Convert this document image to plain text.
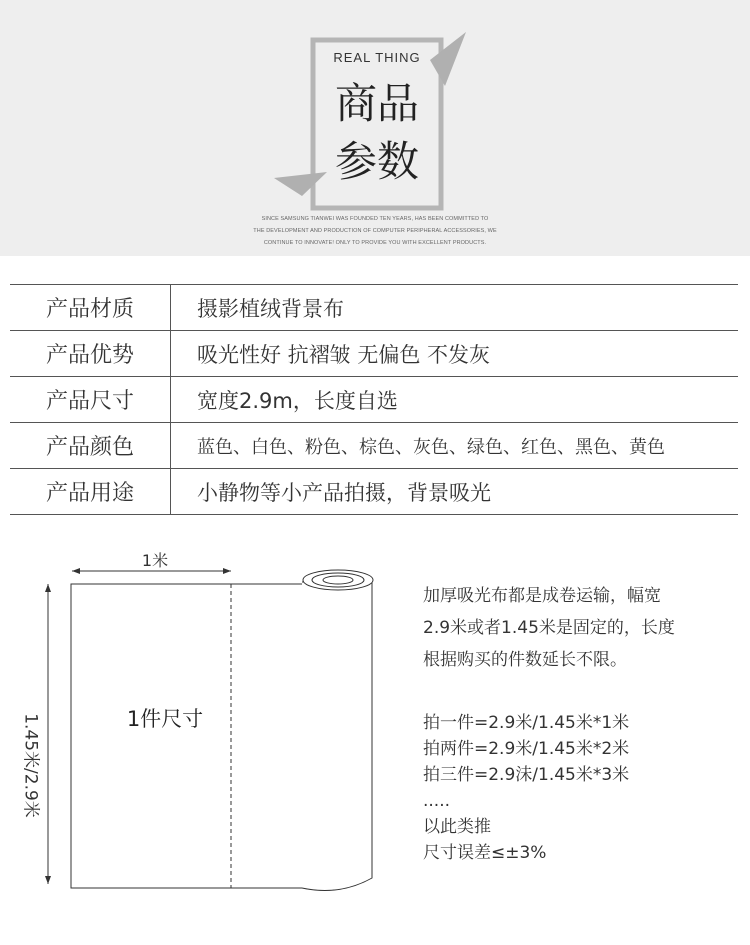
REAL THING
商品
参数
SINCE SAMSUNG TIANWEI WAS FOUNDED TEN YEARS, HAS BEEN COMMITTED TO
THE DEVELOPMENT AND PRODUCTION OF COMPUTER PERIPHERAL ACCESSORIES, WE
CONTINUE TO INNOVATE! ONLY TO PROVIDE YOU WITH EXCELLENT PRODUCTS.
产品材质	摄影植绒背景布
产品优势	吸光性好 抗褶皱 无偏色 不发灰
产品尺寸	宽度2.9m，长度自选
产品颜色	蓝色、白色、粉色、棕色、灰色、绿色、红色、黑色、黄色
产品用途	小静物等小产品拍摄，背景吸光
1米
1.45米/2.9米	1件尺寸
加厚吸光布都是成卷运输，幅宽
2.9米或者1.45米是固定的，长度
根据购买的件数延长不限。
拍一件=2.9米/1.45米*1米
拍两件=2.9米/1.45米*2米
拍三件=2.9沬/1.45米*3米
.....
以此类推
尺寸误差≤±3%
